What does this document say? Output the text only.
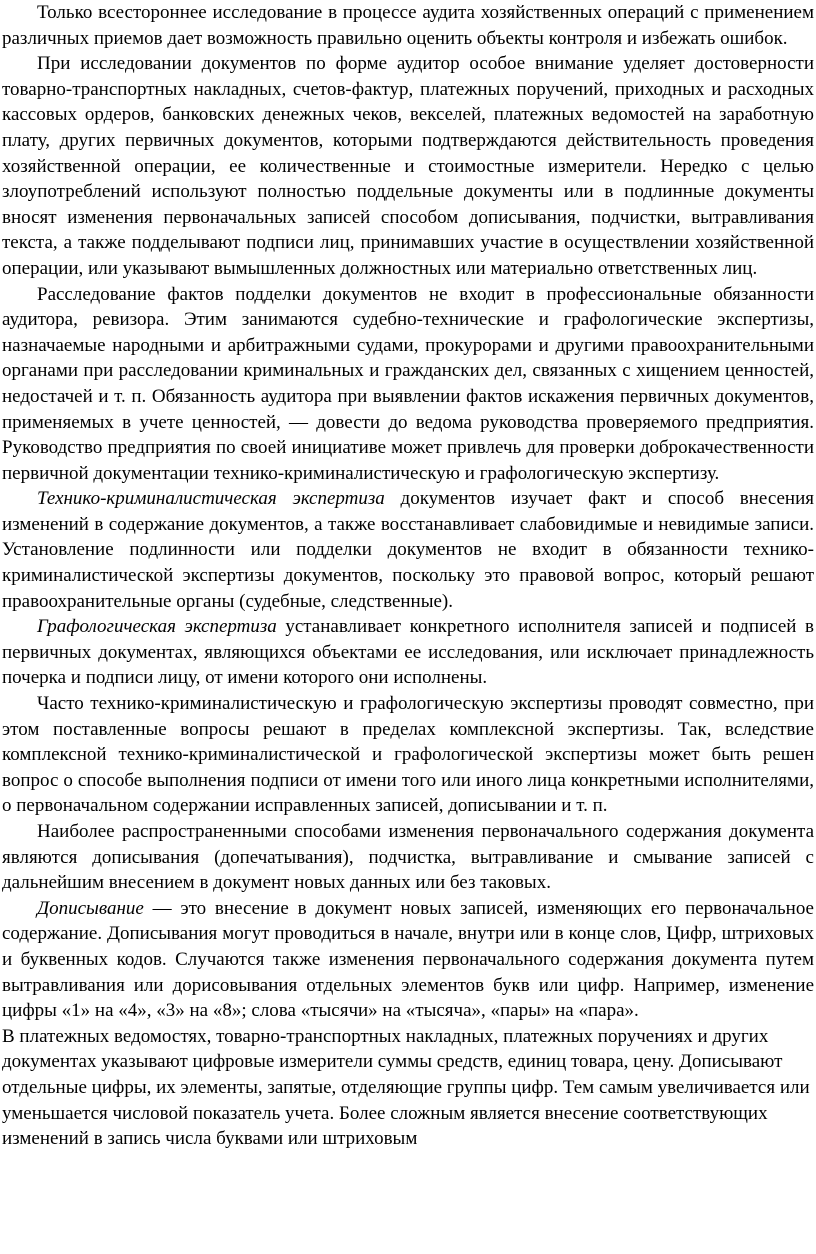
Только всестороннее исследование в процессе аудита хозяйственных операций с применением различных приемов дает возможность правильно оценить объекты контроля и избежать ошибок.

При исследовании документов по форме аудитор особое внимание уделяет достоверности товарно-транспортных накладных, счетов-фактур, платежных поручений, приходных и расходных кассовых ордеров, банковских денежных чеков, векселей, платежных ведомостей на заработную плату, других первичных документов, которыми подтверждаются действительность проведения хозяйственной операции, ее количественные и стоимостные измерители. Нередко с целью злоупотреблений используют полностью поддельные документы или в подлинные документы вносят изменения первоначальных записей способом дописывания, подчистки, вытравливания текста, а также подделывают подписи лиц, принимавших участие в осуществлении хозяйственной операции, или указывают вымышленных должностных или материально ответственных лиц.

Расследование фактов подделки документов не входит в профессиональные обязанности аудитора, ревизора. Этим занимаются судебно-технические и графологические экспертизы, назначаемые народными и арбитражными судами, прокурорами и другими правоохранительными органами при расследовании криминальных и гражданских дел, связанных с хищением ценностей, недостачей и т. п. Обязанность аудитора при выявлении фактов искажения первичных документов, применяемых в учете ценностей, — довести до ведома руководства проверяемого предприятия. Руководство предприятия по своей инициативе может привлечь для проверки доброкачественности первичной документации технико-криминалистическую и графологическую экспертизу.

Технико-криминалистическая экспертиза документов изучает факт и способ внесения изменений в содержание документов, а также восстанавливает слабовидимые и невидимые записи. Установление подлинности или подделки документов не входит в обязанности технико-криминалистической экспертизы документов, поскольку это правовой вопрос, который решают правоохранительные органы (судебные, следственные).

Графологическая экспертиза устанавливает конкретного исполнителя записей и подписей в первичных документах, являющихся объектами ее исследования, или исключает принадлежность почерка и подписи лицу, от имени которого они исполнены.

Часто технико-криминалистическую и графологическую экспертизы проводят совместно, при этом поставленные вопросы решают в пределах комплексной экспертизы. Так, вследствие комплексной технико-криминалистической и графологической экспертизы может быть решен вопрос о способе выполнения подписи от имени того или иного лица конкретными исполнителями, о первоначальном содержании исправленных записей, дописывании и т. п.

Наиболее распространенными способами изменения первоначального содержания документа являются дописывания (допечатывания), подчистка, вытравливание и смывание записей с дальнейшим внесением в документ новых данных или без таковых.

Дописывание — это внесение в документ новых записей, изменяющих его первоначальное содержание. Дописывания могут проводиться в начале, внутри или в конце слов, Цифр, штриховых и буквенных кодов. Случаются также изменения первоначального содержания документа путем вытравливания или дорисовывания отдельных элементов букв или цифр. Например, изменение цифры «1» на «4», «3» на «8»; слова «тысячи» на «тысяча», «пары» на «пара».

В платежных ведомостях, товарно-транспортных накладных, платежных поручениях и других документах указывают цифровые измерители суммы средств, единиц товара, цену. Дописывают отдельные цифры, их элементы, запятые, отделяющие группы цифр. Тем самым увеличивается или уменьшается числовой показатель учета. Более сложным является внесение соответствующих изменений в запись числа буквами или штриховым
